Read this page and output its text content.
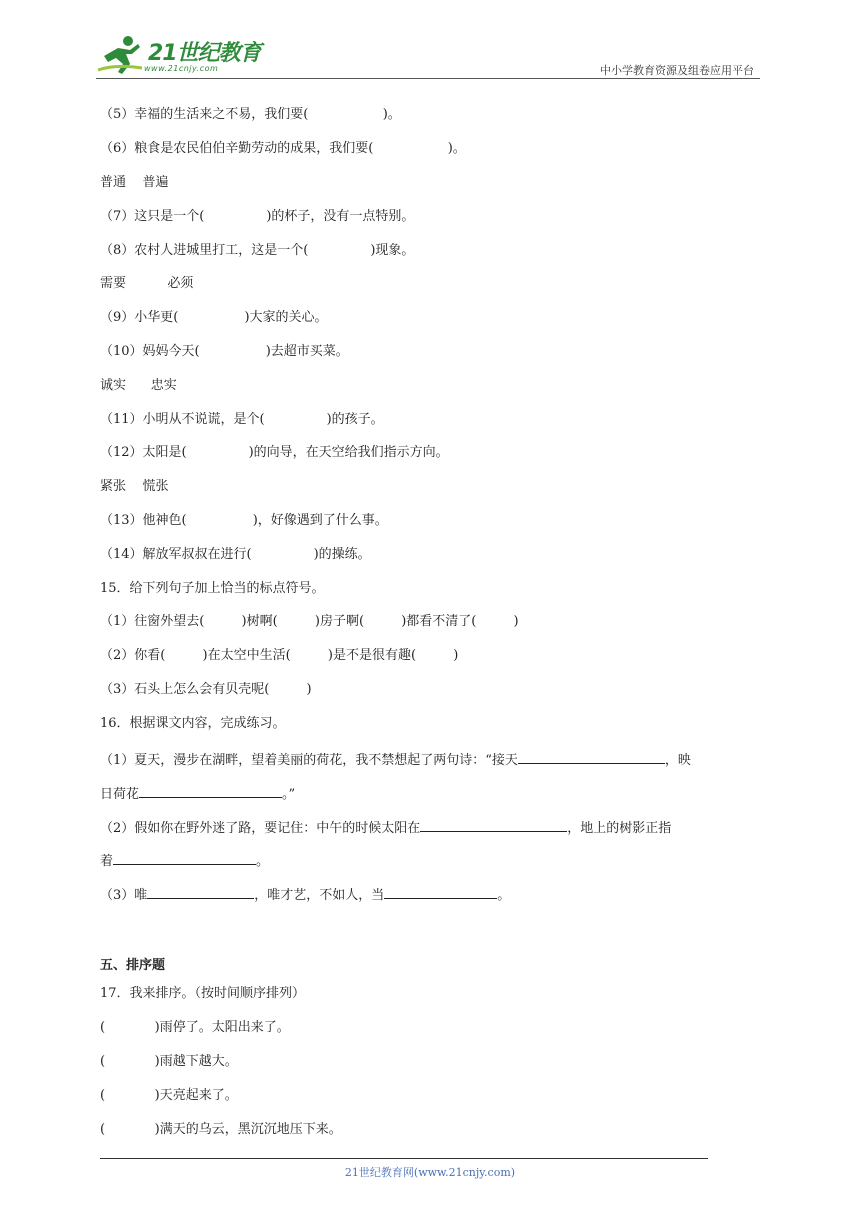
21世纪教育
www.21cnjy.com	中小学教育资源及组卷应用平台
（5）幸福的生活来之不易，我们要(                  )。
（6）粮食是农民伯伯辛勤劳动的成果，我们要(                  )。
普通    普遍
（7）这只是一个(               )的杯子，没有一点特别。
（8）农村人进城里打工，这是一个(               )现象。
需要          必须
（9）小华更(                )大家的关心。
（10）妈妈今天(                )去超市买菜。
诚实      忠实
（11）小明从不说谎，是个(               )的孩子。
（12）太阳是(               )的向导，在天空给我们指示方向。
紧张    慌张
（13）他神色(                )，好像遇到了什么事。
（14）解放军叔叔在进行(               )的操练。
15．给下列句子加上恰当的标点符号。
（1）往窗外望去(         )树啊(         )房子啊(         )都看不清了(         )
（2）你看(         )在太空中生活(         )是不是很有趣(         )
（3）石头上怎么会有贝壳呢(         )
16．根据课文内容，完成练习。
（1）夏天，漫步在湖畔，望着美丽的荷花，我不禁想起了两句诗：“接天	，映
日荷花	。”
（2）假如你在野外迷了路，要记住：中午的时候太阳在	，地上的树影正指
着	。
（3）唯	，唯才艺，不如人，当	。
五、排序题
17．我来排序。（按时间顺序排列）
(            )雨停了。太阳出来了。
(            )雨越下越大。
(            )天亮起来了。
(            )满天的乌云，黑沉沉地压下来。
21世纪教育网(www.21cnjy.com)
